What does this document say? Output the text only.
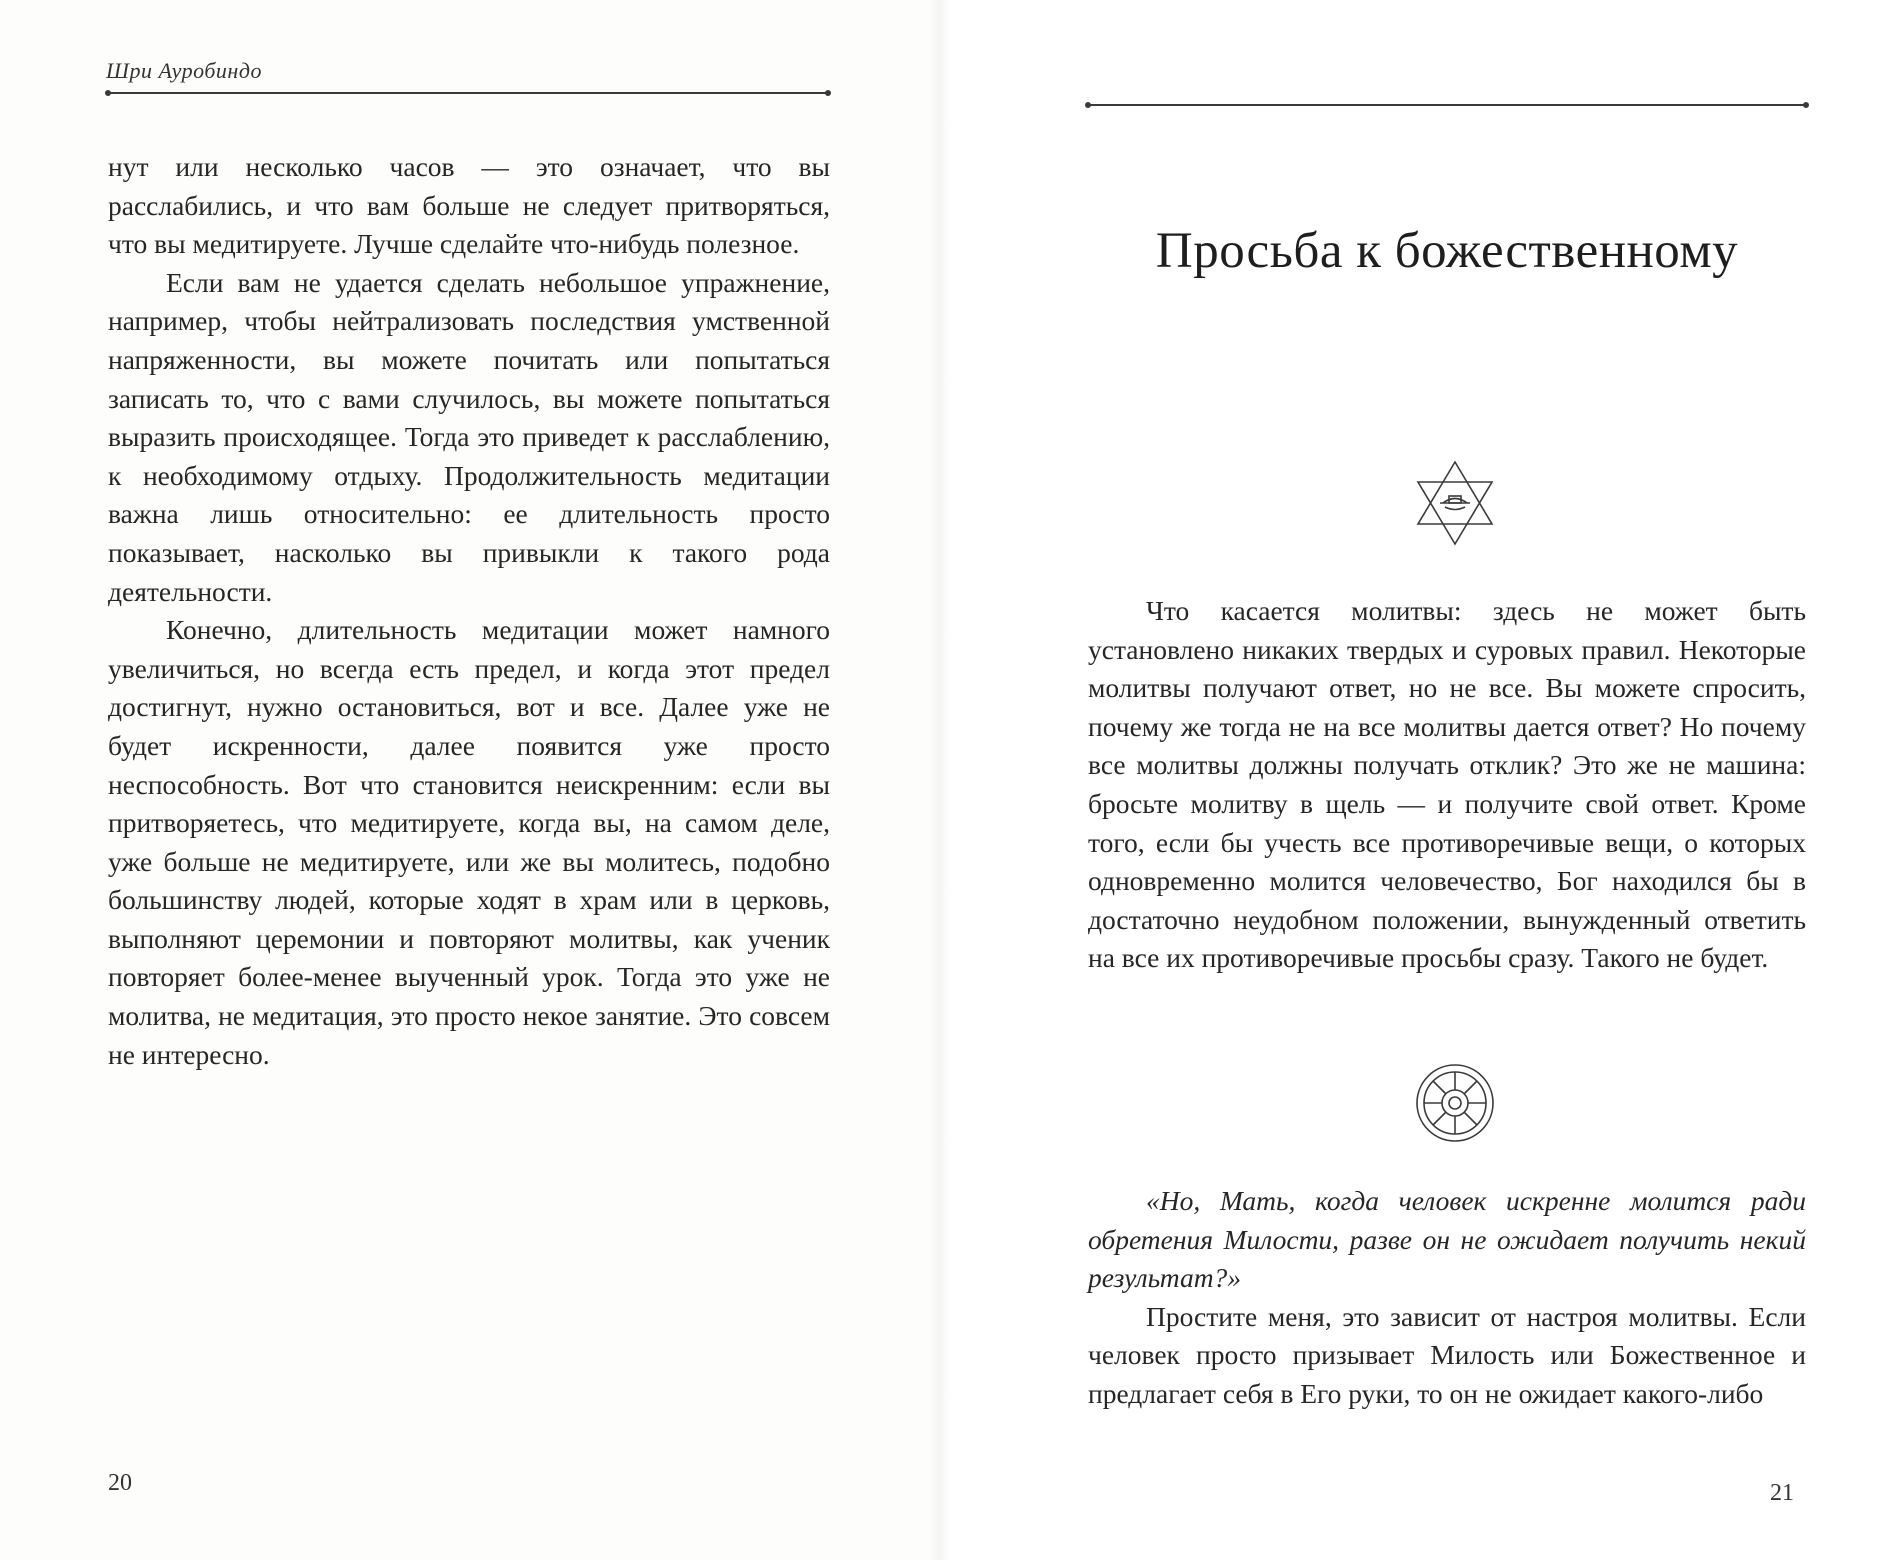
Шри Ауробиндо

нут или несколько часов — это означает, что вы расслабились, и что вам больше не следует притворяться, что вы медитируете. Лучше сделайте что-нибудь полезное.

Если вам не удается сделать небольшое упражнение, например, чтобы нейтрализовать последствия умственной напряженности, вы можете почитать или попытаться записать то, что с вами случилось, вы можете попытаться выразить происходящее. Тогда это приведет к расслаблению, к необходимому отдыху. Продолжительность медитации важна лишь относительно: ее длительность просто показывает, насколько вы привыкли к такого рода деятельности.

Конечно, длительность медитации может намного увеличиться, но всегда есть предел, и когда этот предел достигнут, нужно остановиться, вот и все. Далее уже не будет искренности, далее появится уже просто неспособность. Вот что становится неискренним: если вы притворяетесь, что медитируете, когда вы, на самом деле, уже больше не медитируете, или же вы молитесь, подобно большинству людей, которые ходят в храм или в церковь, выполняют церемонии и повторяют молитвы, как ученик повторяет более-менее выученный урок. Тогда это уже не молитва, не медитация, это просто некое занятие. Это совсем не интересно.

20
Просьба к божественному

Что касается молитвы: здесь не может быть установлено никаких твердых и суровых правил. Некоторые молитвы получают ответ, но не все. Вы можете спросить, почему же тогда не на все молитвы дается ответ? Но почему все молитвы должны получать отклик? Это же не машина: бросьте молитву в щель — и получите свой ответ. Кроме того, если бы учесть все противоречивые вещи, о которых одновременно молится человечество, Бог находился бы в достаточно неудобном положении, вынужденный ответить на все их противоречивые просьбы сразу. Такого не будет.

«Но, Мать, когда человек искренне молится ради обретения Милости, разве он не ожидает получить некий результат?»

Простите меня, это зависит от настроя молитвы. Если человек просто призывает Милость или Божественное и предлагает себя в Его руки, то он не ожидает какого-либо

21
